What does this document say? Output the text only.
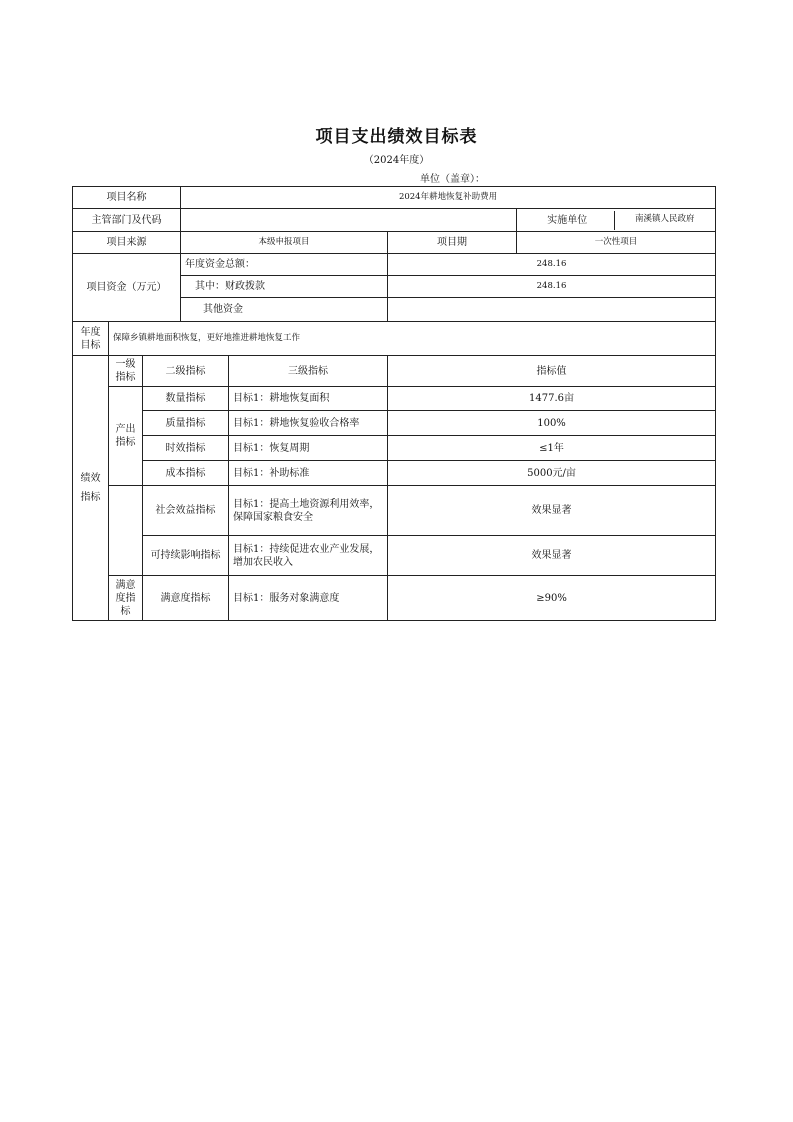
项目支出绩效目标表
（2024年度）
单位（盖章）：
项目名称			2024年耕地恢复补助费用			
主管部门及代码						实施单位 南溪镇人民政府

项目来源			本级申报项目		项目期	一次性项目
项目资金（万元）			年度资金总额：		248.16	
			其中：财政拨款		248.16	
			其他资金			
年度目标	保障乡镇耕地面积恢复，更好地推进耕地恢复工作					
绩效指标	一级指标	二级指标		三级指标	指标值	
	产出指标	数量指标		目标1：耕地恢复面积	1477.6亩	
		质量指标		目标1：耕地恢复验收合格率	100%	
		时效指标		目标1：恢复周期	≤1年	
		成本指标		目标1：补助标准	5000元/亩	
		社会效益指标		目标1：提高土地资源利用效率，保障国家粮食安全	效果显著	
		可持续影响指标		目标1：持续促进农业产业发展，增加农民收入	效果显著	
	满意度指标	满意度指标		目标1：服务对象满意度	≥90%	
